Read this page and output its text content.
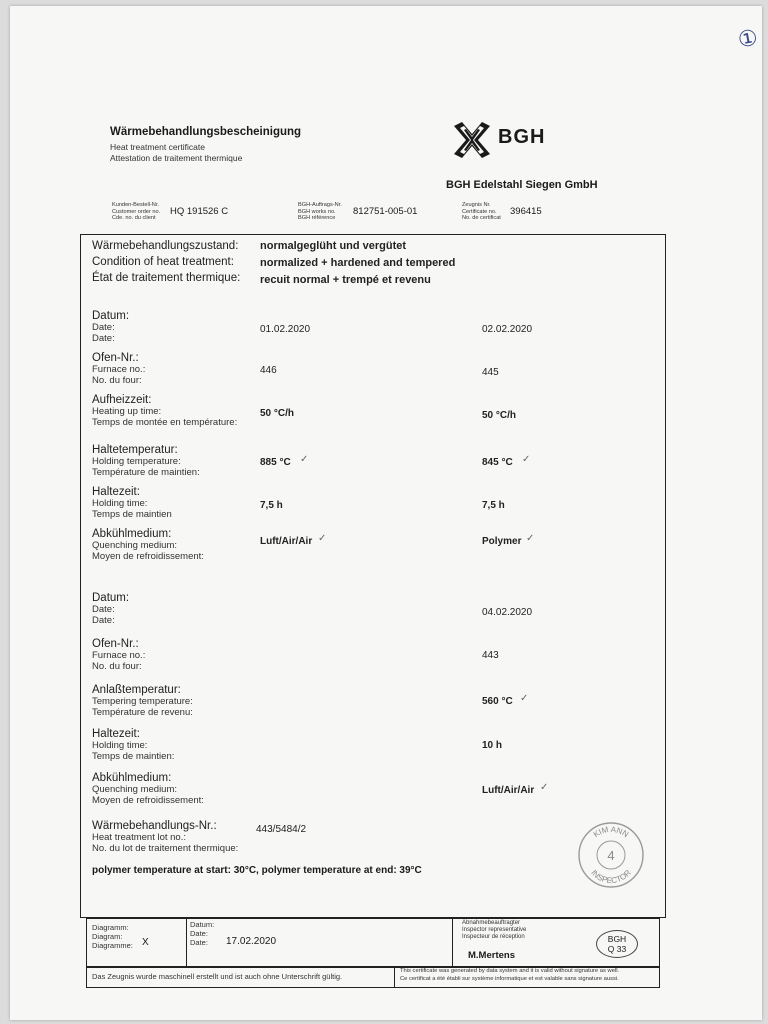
①
Wärmebehandlungsbescheinigung
Heat treatment certificate
Attestation de traitement thermique
BGH
BGH Edelstahl Siegen GmbH
Kunden-Bestell-Nr.
Customer order no.
Cde. no. du client
HQ 191526 C
BGH-Auftrags-Nr.
BGH works no.
BGH référence
812751-005-01
Zeugnis Nr.
Certificate no.
No. de certificat
396415
Wärmebehandlungszustand:
Condition of heat treatment:
État de traitement thermique:
normalgeglüht und vergütet
normalized + hardened and tempered
recuit normal + trempé et revenu
Datum:
Date:
Date:
01.02.2020	02.02.2020
Ofen-Nr.:
Furnace no.:
No. du four:
446	445
Aufheizzeit:
Heating up time:
Temps de montée en température:
50 °C/h	50 °C/h
Haltetemperatur:
Holding temperature:
Température de maintien:
885 °C ✓	845 °C ✓
Haltezeit:
Holding time:
Temps de maintien
7,5 h	7,5 h
Abkühlmedium:
Quenching medium:
Moyen de refroidissement:
Luft/Air/Air ✓	Polymer ✓
Datum:
Date:
Date:
04.02.2020
Ofen-Nr.:
Furnace no.:
No. du four:
443
Anlaßtemperatur:
Tempering temperature:
Température de revenu:
560 °C ✓
Haltezeit:
Holding time:
Temps de maintien:
10 h
Abkühlmedium:
Quenching medium:
Moyen de refroidissement:
Luft/Air/Air ✓
Wärmebehandlungs-Nr.:
Heat treatment lot no.:
No. du lot de traitement thermique:
443/5484/2
polymer temperature at start: 30°C, polymer temperature at end: 39°C
KIM ANN
INSPECTOR
4
Diagramm:
Diagram:
Diagramme: X
Datum:
Date:
Date:	17.02.2020
Abnahmebeauftragter
Inspector representative
Inspecteur de réception
M.Mertens
BGH
Q 33
Das Zeugnis wurde maschinell erstellt und ist auch ohne Unterschrift gültig.
This certificate was generated by data system and it is valid without signature as well.
Ce certificat a été établi sur système informatique et est valable sans signature aussi.
